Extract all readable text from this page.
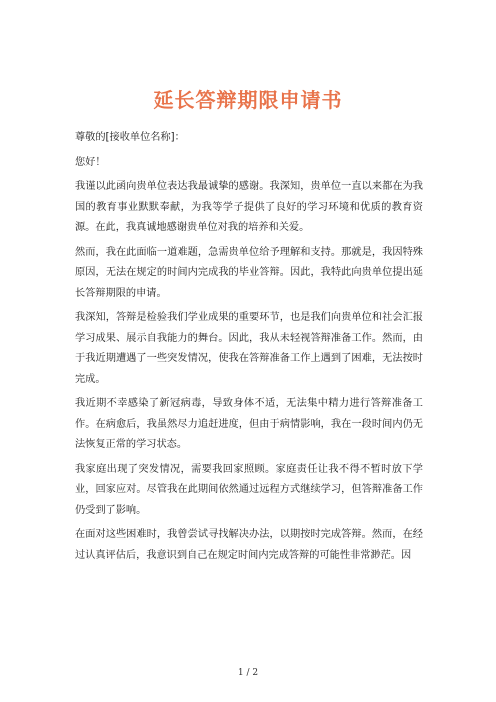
延长答辩期限申请书

尊敬的[接收单位名称]：

您好！

我谨以此函向贵单位表达我最诚挚的感谢。我深知，贵单位一直以来都在为我国的教育事业默默奉献，为我等学子提供了良好的学习环境和优质的教育资源。在此，我真诚地感谢贵单位对我的培养和关爱。

然而，我在此面临一道难题，急需贵单位给予理解和支持。那就是，我因特殊原因，无法在规定的时间内完成我的毕业答辩。因此，我特此向贵单位提出延长答辩期限的申请。

我深知，答辩是检验我们学业成果的重要环节，也是我们向贵单位和社会汇报学习成果、展示自我能力的舞台。因此，我从未轻视答辩准备工作。然而，由于我近期遭遇了一些突发情况，使我在答辩准备工作上遇到了困难，无法按时完成。

我近期不幸感染了新冠病毒，导致身体不适，无法集中精力进行答辩准备工作。在病愈后，我虽然尽力追赶进度，但由于病情影响，我在一段时间内仍无法恢复正常的学习状态。

我家庭出现了突发情况，需要我回家照顾。家庭责任让我不得不暂时放下学业，回家应对。尽管我在此期间依然通过远程方式继续学习，但答辩准备工作仍受到了影响。

在面对这些困难时，我曾尝试寻找解决办法，以期按时完成答辩。然而，在经过认真评估后，我意识到自己在规定时间内完成答辩的可能性非常渺茫。因

1 / 2
